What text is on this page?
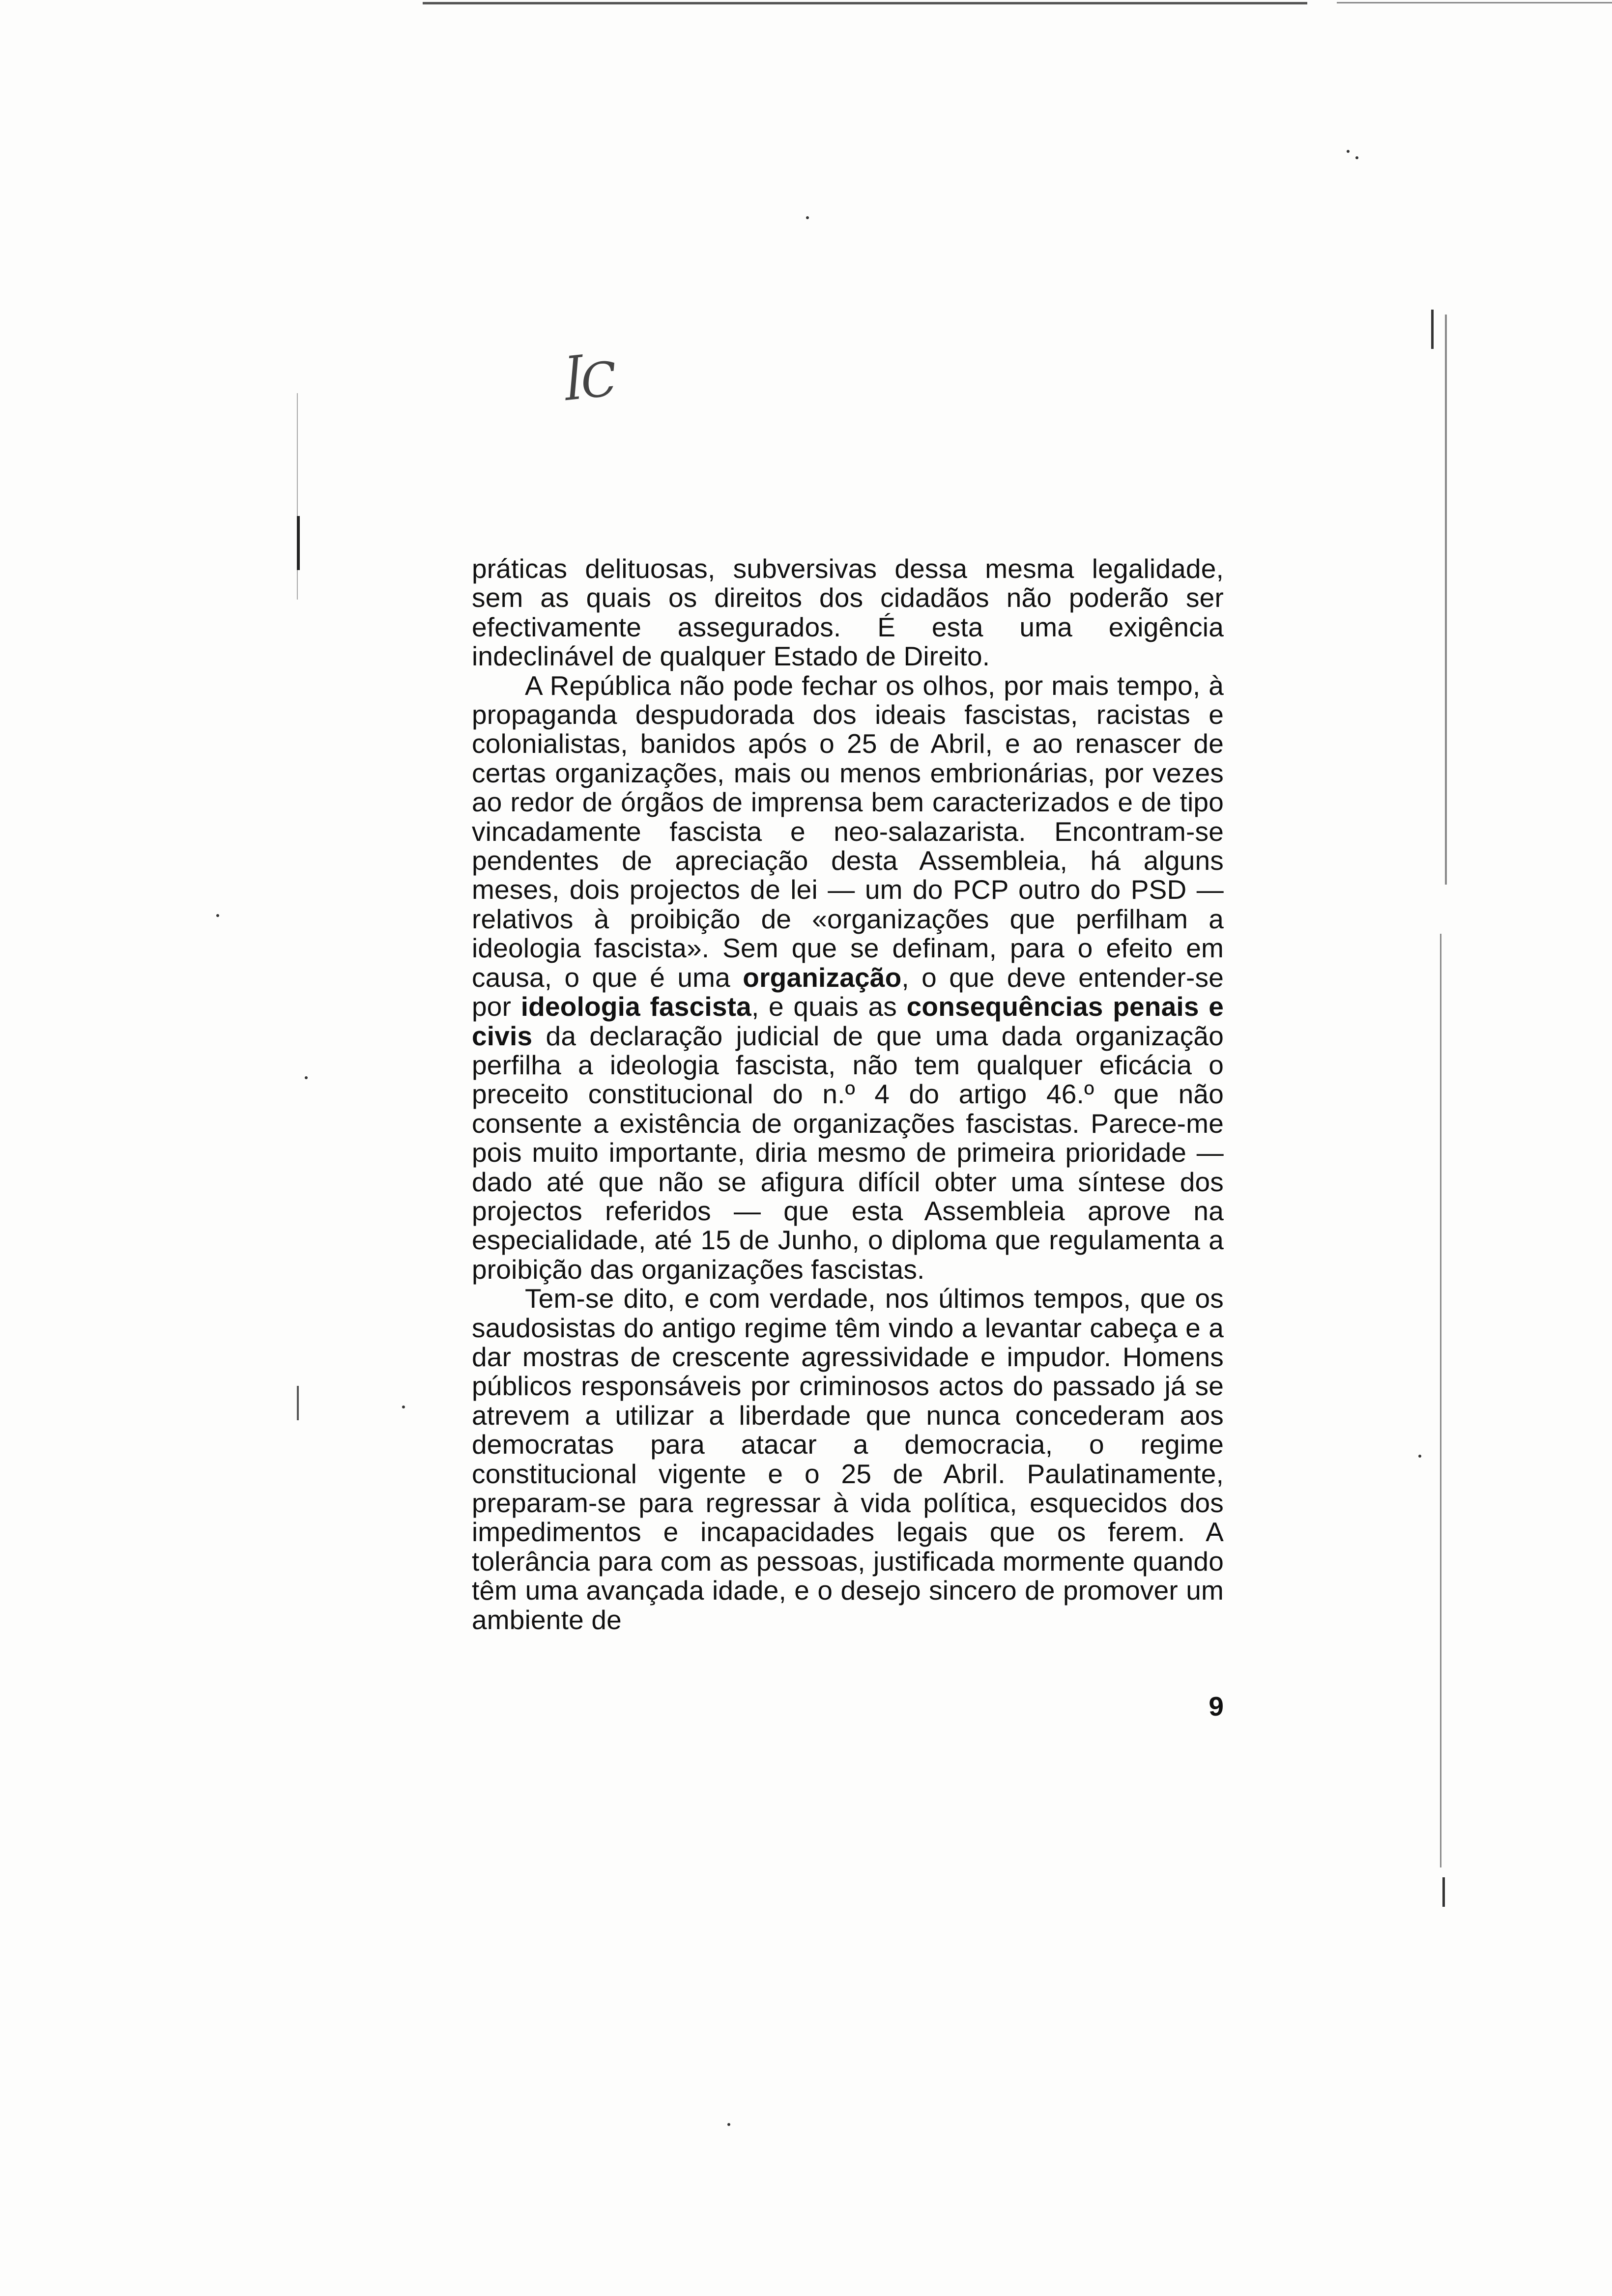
ꟾC

práticas delituosas, subversivas dessa mesma legalidade, sem as quais os direitos dos cidadãos não poderão ser efectivamente assegurados. É esta uma exigência indeclinável de qualquer Estado de Direito.

A República não pode fechar os olhos, por mais tempo, à propaganda despudorada dos ideais fascistas, racistas e colonialistas, banidos após o 25 de Abril, e ao renascer de certas organizações, mais ou menos embrionárias, por vezes ao redor de órgãos de imprensa bem caracterizados e de tipo vincadamente fascista e neo-salazarista. Encontram-se pendentes de apreciação desta Assembleia, há alguns meses, dois projectos de lei — um do PCP outro do PSD — relativos à proibição de «organizações que perfilham a ideologia fascista». Sem que se definam, para o efeito em causa, o que é uma organização, o que deve entender-se por ideologia fascista, e quais as consequências penais e civis da declaração judicial de que uma dada organização perfilha a ideologia fascista, não tem qualquer eficácia o preceito constitucional do n.º 4 do artigo 46.º que não consente a existência de organizações fascistas. Parece-me pois muito importante, diria mesmo de primeira prioridade — dado até que não se afigura difícil obter uma síntese dos projectos referidos — que esta Assembleia aprove na especialidade, até 15 de Junho, o diploma que regulamenta a proibição das organizações fascistas.

Tem-se dito, e com verdade, nos últimos tempos, que os saudosistas do antigo regime têm vindo a levantar cabeça e a dar mostras de crescente agressividade e impudor. Homens públicos responsáveis por criminosos actos do passado já se atrevem a utilizar a liberdade que nunca concederam aos democratas para atacar a democracia, o regime constitucional vigente e o 25 de Abril. Paulatinamente, preparam-se para regressar à vida política, esquecidos dos impedimentos e incapacidades legais que os ferem. A tolerância para com as pessoas, justificada mormente quando têm uma avançada idade, e o desejo sincero de promover um ambiente de

9
